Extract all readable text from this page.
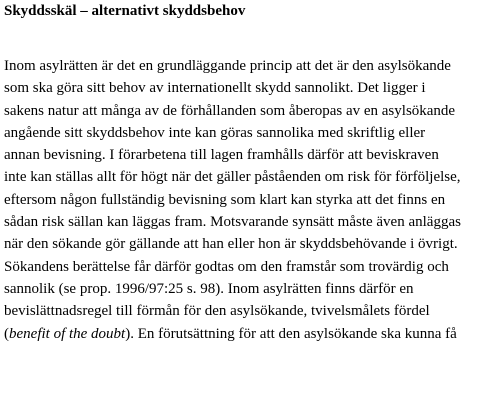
Skyddsskäl – alternativt skyddsbehov
Inom asylrätten är det en grundläggande princip att det är den asylsökande
som ska göra sitt behov av internationellt skydd sannolikt. Det ligger i
sakens natur att många av de förhållanden som åberopas av en asylsökande
angående sitt skyddsbehov inte kan göras sannolika med skriftlig eller
annan bevisning. I förarbetena till lagen framhålls därför att beviskraven
inte kan ställas allt för högt när det gäller påståenden om risk för förföljelse,
eftersom någon fullständig bevisning som klart kan styrka att det finns en
sådan risk sällan kan läggas fram. Motsvarande synsätt måste även anläggas
när den sökande gör gällande att han eller hon är skyddsbehövande i övrigt.
Sökandens berättelse får därför godtas om den framstår som trovärdig och
sannolik (se prop. 1996/97:25 s. 98). Inom asylrätten finns därför en
bevislättnadsregel till förmån för den asylsökande, tvivelsmålets fördel
(benefit of the doubt). En förutsättning för att den asylsökande ska kunna få
